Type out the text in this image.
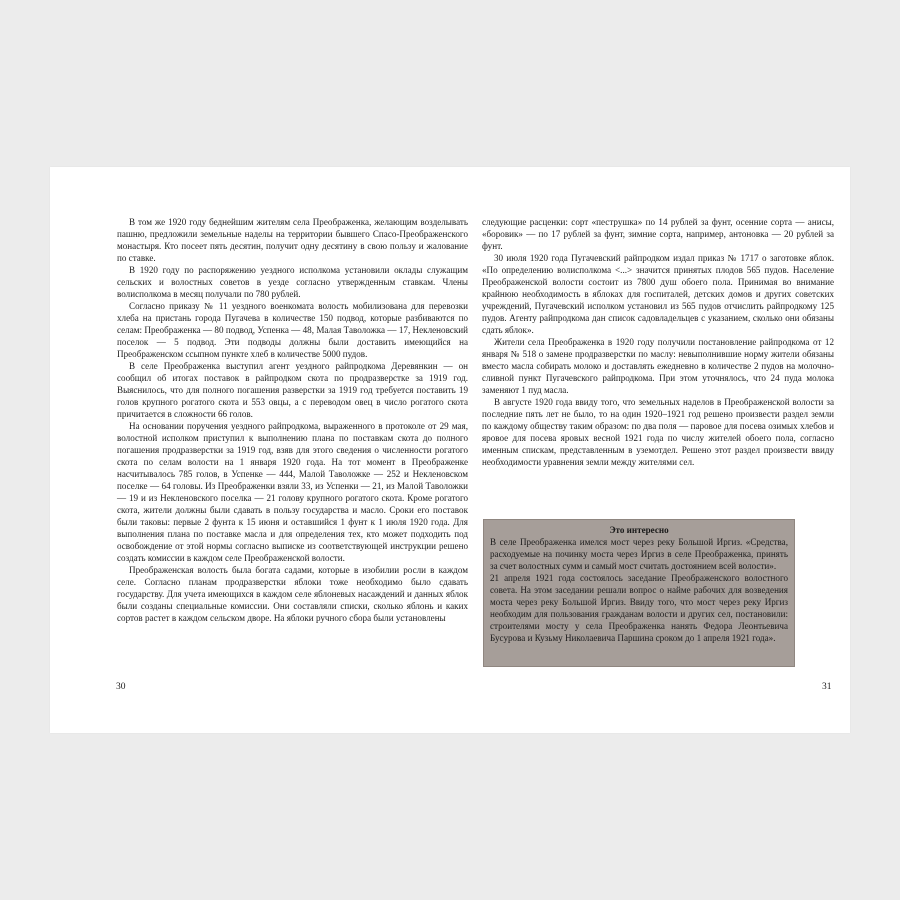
В том же 1920 году беднейшим жителям села Преображенка, желающим возделывать пашню, предложили земельные наделы на территории бывшего Спасо-Преображенского монастыря. Кто посеет пять десятин, получит одну десятину в свою пользу и жалование по ставке.

В 1920 году по распоряжению уездного исполкома установили оклады служащим сельских и волостных советов в уезде согласно утвержденным ставкам. Члены волисполкома в месяц получали по 780 рублей.

Согласно приказу № 11 уездного военкомата волость мобилизована для перевозки хлеба на пристань города Пугачева в количестве 150 подвод, которые разбиваются по селам: Преображенка — 80 подвод, Успенка — 48, Малая Таволожка — 17, Некленовский поселок — 5 подвод. Эти подводы должны были доставить имеющийся на Преображенском ссыпном пункте хлеб в количестве 5000 пудов.

В селе Преображенка выступил агент уездного райпродкома Деревянкин — он сообщил об итогах поставок в райпродком скота по продразверстке за 1919 год. Выяснилось, что для полного погашения разверстки за 1919 год требуется поставить 19 голов крупного рогатого скота и 553 овцы, а с переводом овец в число рогатого скота причитается в сложности 66 голов.

На основании поручения уездного райпродкома, выраженного в протоколе от 29 мая, волостной исполком приступил к выполнению плана по поставкам скота до полного погашения продразверстки за 1919 год, взяв для этого сведения о численности рогатого скота по селам волости на 1 января 1920 года. На тот момент в Преображенке насчитывалось 785 голов, в Успенке — 444, Малой Таволожке — 252 и Некленовском поселке — 64 головы. Из Преображенки взяли 33, из Успенки — 21, из Малой Таволожки — 19 и из Некленовского поселка — 21 голову крупного рогатого скота. Кроме рогатого скота, жители должны были сдавать в пользу государства и масло. Сроки его поставок были таковы: первые 2 фунта к 15 июня и оставшийся 1 фунт к 1 июля 1920 года. Для выполнения плана по поставке масла и для определения тех, кто может подходить под освобождение от этой нормы согласно выписке из соответствующей инструкции решено создать комиссии в каждом селе Преображенской волости.

Преображенская волость была богата садами, которые в изобилии росли в каждом селе. Согласно планам продразверстки яблоки тоже необходимо было сдавать государству. Для учета имеющихся в каждом селе яблоневых насаждений и данных яблок были созданы специальные комиссии. Они составляли списки, сколько яблонь и каких сортов растет в каждом сельском дворе. На яблоки ручного сбора были установлены

следующие расценки: сорт «пеструшка» по 14 рублей за фунт, осенние сорта — анисы, «боровик» — по 17 рублей за фунт, зимние сорта, например, антоновка — 20 рублей за фунт.

30 июля 1920 года Пугачевский райпродком издал приказ № 1717 о заготовке яблок. «По определению волисполкома <...> значится принятых плодов 565 пудов. Население Преображенской волости состоит из 7800 душ обоего пола. Принимая во внимание крайнюю необходимость в яблоках для госпиталей, детских домов и других советских учреждений, Пугачевский исполком установил из 565 пудов отчислить райпродкому 125 пудов. Агенту райпродкома дан список садовладельцев с указанием, сколько они обязаны сдать яблок».

Жители села Преображенка в 1920 году получили постановление райпродкома от 12 января № 518 о замене продразверстки по маслу: невыполнившие норму жители обязаны вместо масла собирать молоко и доставлять ежедневно в количестве 2 пудов на молочно-сливной пункт Пугачевского райпродкома. При этом уточнялось, что 24 пуда молока заменяют 1 пуд масла.

В августе 1920 года ввиду того, что земельных наделов в Преображенской волости за последние пять лет не было, то на один 1920–1921 год решено произвести раздел земли по каждому обществу таким образом: по два поля — паровое для посева озимых хлебов и яровое для посева яровых весной 1921 года по числу жителей обоего пола, согласно именным спискам, представленным в уземотдел. Решено этот раздел произвести ввиду необходимости уравнения земли между жителями сел.

Это интересно

В селе Преображенка имелся мост через реку Большой Иргиз. «Средства, расходуемые на починку моста через Иргиз в селе Преображенка, принять за счет волостных сумм и самый мост считать достоянием всей волости».

21 апреля 1921 года состоялось заседание Преображенского волостного совета. На этом заседании решали вопрос о найме рабочих для возведения моста через реку Большой Иргиз. Ввиду того, что мост через реку Иргиз необходим для пользования гражданам волости и других сел, постановили: строителями мосту у села Преображенка нанять Федора Леонтьевича Бусурова и Кузьму Николаевича Паршина сроком до 1 апреля 1921 года».

30	31
